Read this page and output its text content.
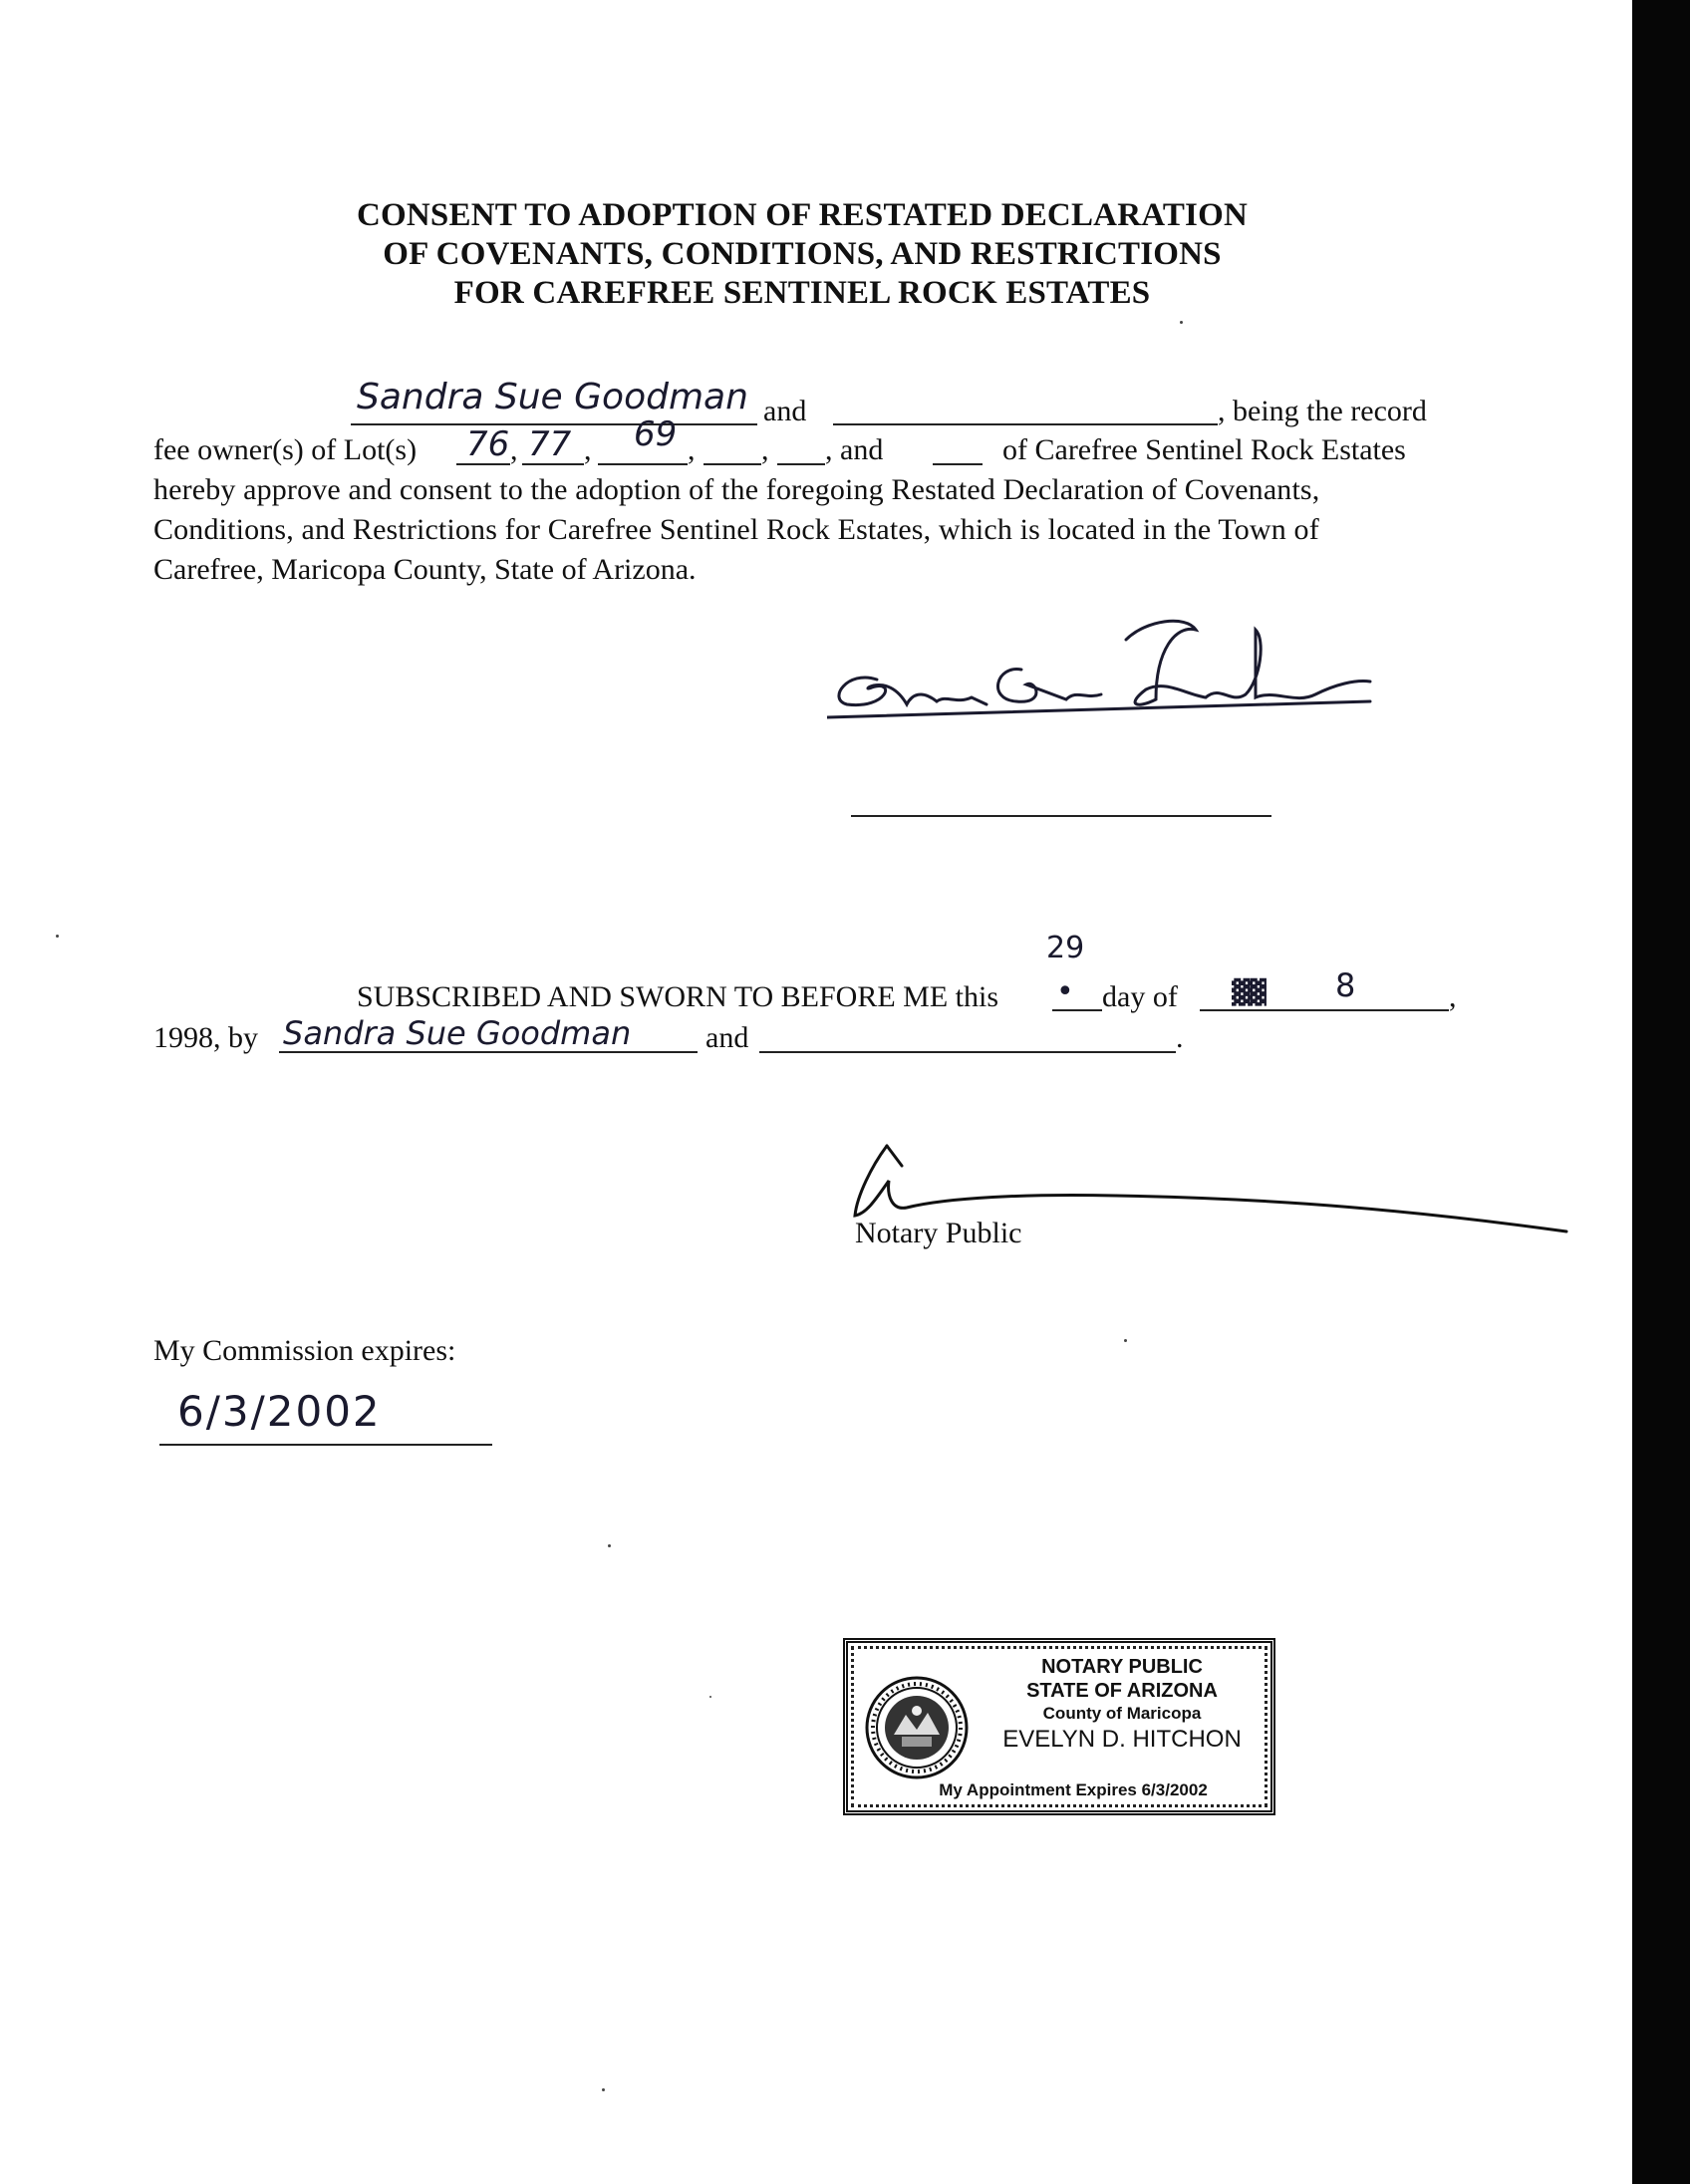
CONSENT TO ADOPTION OF RESTATED DECLARATION
OF COVENANTS, CONDITIONS, AND RESTRICTIONS
FOR CAREFREE SENTINEL ROCK ESTATES
Sandra Sue Goodman and	, being the record
fee owner(s) of Lot(s) 76 , 77 , 69 , , , and	of Carefree Sentinel Rock Estates
hereby approve and consent to the adoption of the foregoing Restated Declaration of Covenants,
Conditions, and Restrictions for Carefree Sentinel Rock Estates, which is located in the Town of
Carefree, Maricopa County, State of Arizona.
29
SUBSCRIBED AND SWORN TO BEFORE ME this • day of ▓▓ 8	,
1998, by Sandra Sue Goodman and	.
Notary Public
My Commission expires:
6/3/2002
NOTARY PUBLIC
STATE OF ARIZONA
County of Maricopa
EVELYN D. HITCHON
My Appointment Expires 6/3/2002
